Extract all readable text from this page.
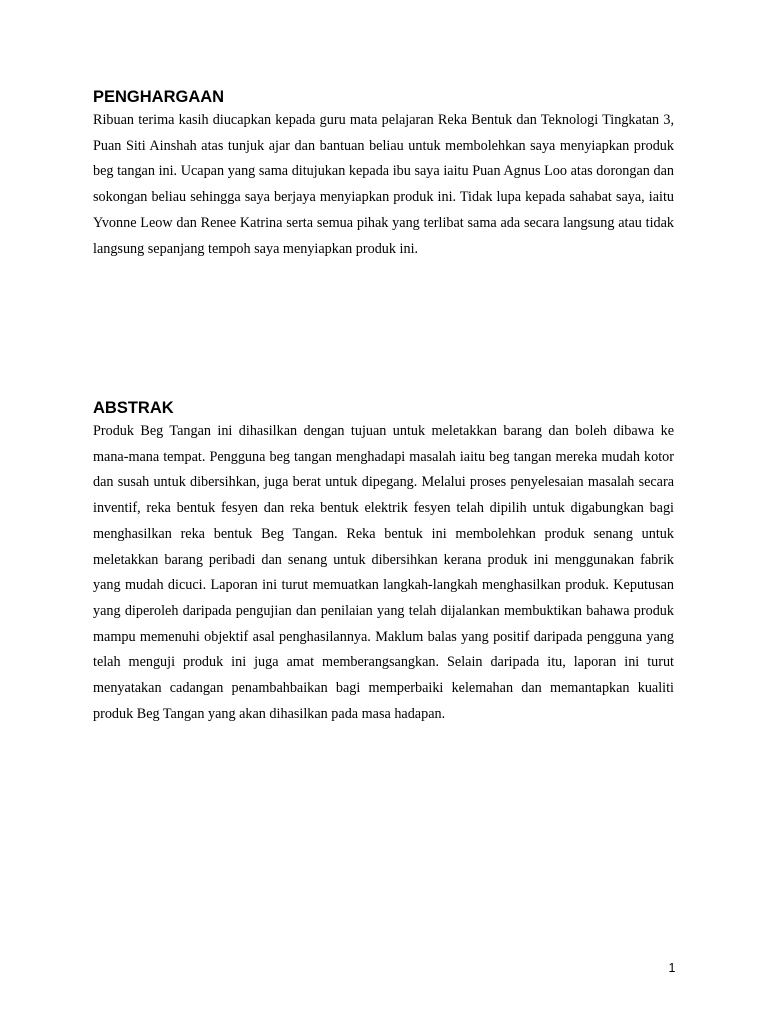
PENGHARGAAN

Ribuan terima kasih diucapkan kepada guru mata pelajaran Reka Bentuk dan Teknologi Tingkatan 3, Puan Siti Ainshah atas tunjuk ajar dan bantuan beliau untuk membolehkan saya menyiapkan produk beg tangan ini. Ucapan yang sama ditujukan kepada ibu saya iaitu Puan Agnus Loo atas dorongan dan sokongan beliau sehingga saya berjaya menyiapkan produk ini. Tidak lupa kepada sahabat saya, iaitu Yvonne Leow dan Renee Katrina serta semua pihak yang terlibat sama ada secara langsung atau tidak langsung sepanjang tempoh saya menyiapkan produk ini.

ABSTRAK

Produk Beg Tangan ini dihasilkan dengan tujuan untuk meletakkan barang dan boleh dibawa ke mana-mana tempat. Pengguna beg tangan menghadapi masalah iaitu beg tangan mereka mudah kotor dan susah untuk dibersihkan, juga berat untuk dipegang. Melalui proses penyelesaian masalah secara inventif, reka bentuk fesyen dan reka bentuk elektrik fesyen telah dipilih untuk digabungkan bagi menghasilkan reka bentuk Beg Tangan. Reka bentuk ini membolehkan produk senang untuk meletakkan barang peribadi dan senang untuk dibersihkan kerana produk ini menggunakan fabrik yang mudah dicuci. Laporan ini turut memuatkan langkah-langkah menghasilkan produk. Keputusan yang diperoleh daripada pengujian dan penilaian yang telah dijalankan membuktikan bahawa produk mampu memenuhi objektif asal penghasilannya. Maklum balas yang positif daripada pengguna yang telah menguji produk ini juga amat memberangsangkan. Selain daripada itu, laporan ini turut menyatakan cadangan penambahbaikan bagi memperbaiki kelemahan dan memantapkan kualiti produk Beg Tangan yang akan dihasilkan pada masa hadapan.

1
